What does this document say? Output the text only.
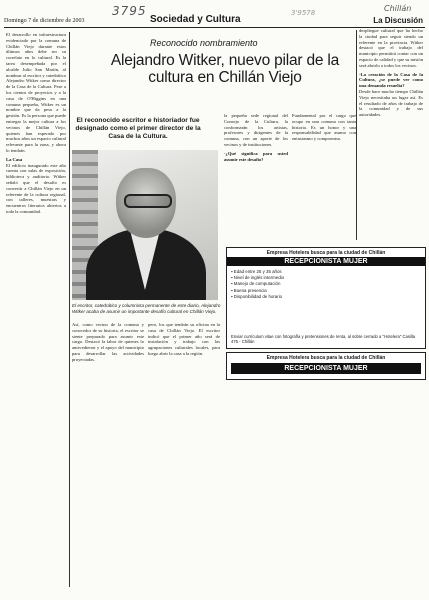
3795	3'9578	Chillán
Domingo 7 de diciembre de 2003	Sociedad y Cultura	La Discusión
El desarrollo en infraestructura evidenciado por la comuna de Chillán Viejo durante estos últimos años debe ser su correlato en lo cultural. Es la tarea desempeñada por el alcalde Julio San Martín, al nombrar al escritor y catedrático Alejandro Witker como director de la Casa de la Cultura. Pese a los cientos de proyectos y a la casa de O'Higgins en una comuna pequeña, Witker es un nombre que da peso a la gestión. Es la persona que puede entregar la mejor cultura a los vecinos de Chillán Viejo, quienes han esperado por muchos años un espacio cultural relevante para la zona, y ahora lo tendrán.
La Casa
El edificio inaugurado este año cuenta con salas de exposición, biblioteca y auditorio. Witker señaló que el desafío es convertir a Chillán Viejo en un referente de la cultura regional, con talleres, muestras y encuentros literarios abiertos a toda la comunidad.
Reconocido nombramiento
Alejandro Witker, nuevo pilar de la cultura en Chillán Viejo
El reconocido escritor e historiador fue designado como el primer director de la Casa de la Cultura.
El escritor, catedrático y columnista permanente de este diario, Alejandro Witker acaba de asumir un importante desafío cultural en Chillán Viejo.
Así, como vecino de la comuna y conocedor de su historia, el escritor se siente preparado para asumir este cargo. Destacó la labor de quienes lo antecedieron y el apoyo del municipio para desarrollar las actividades proyectadas.
pero, los que tendrán su oficina en la casa de Chillán Viejo. El escritor indicó que el primer año será de instalación y trabajo con las agrupaciones culturales locales, para luego abrir la casa a la región.
la pequeña sede regional del Consejo de la Cultura, la conformarán los artistas, profesores y dirigentes de la comuna, con un aporte de los vecinos y de instituciones.
-¿Qué significa para usted asumir este desafío?
Fundamental por el cargo que ocupo en una comuna con tanta historia. Es un honor y una responsabilidad que asumo con entusiasmo y compromiso.
despliegue cultural que ha hecho la ciudad para seguir siendo un referente en la provincia. Witker destacó que el trabajo del municipio permitirá contar con un espacio de calidad y que su misión será abrirlo a todos los vecinos.
-La creación de la Casa de la Cultura, ¿se puede ver como una demanda resuelta?
Desde hace mucho tiempo Chillán Viejo necesitaba un lugar así. Es el resultado de años de trabajo de la comunidad y de sus autoridades.
Empresa Hotelera busca para la ciudad de Chillán
RECEPCIONISTA MUJER
▪ Edad entre 25 y 35 años
▪ Nivel de inglés intermedio
▪ Manejo de computación
▪ Buena presencia
▪ Disponibilidad de horario
Enviar currículum vitae con fotografía y pretensiones de renta, al sobre cerrado a "Hotelera" Casilla 475 - Chillán
Empresa Hotelera busca para la ciudad de Chillán
RECEPCIONISTA MUJER
